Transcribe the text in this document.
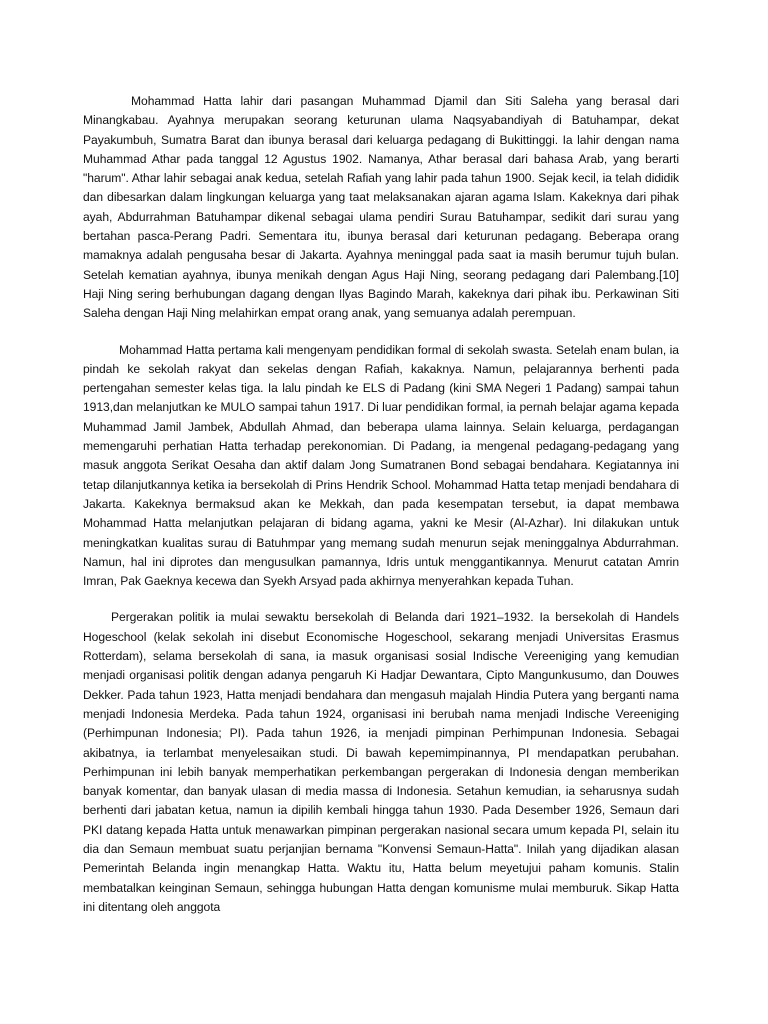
Mohammad Hatta lahir dari pasangan Muhammad Djamil dan Siti Saleha yang berasal dari Minangkabau. Ayahnya merupakan seorang keturunan ulama Naqsyabandiyah di Batuhampar, dekat Payakumbuh, Sumatra Barat dan ibunya berasal dari keluarga pedagang di Bukittinggi. Ia lahir dengan nama Muhammad Athar pada tanggal 12 Agustus 1902. Namanya, Athar berasal dari bahasa Arab, yang berarti "harum". Athar lahir sebagai anak kedua, setelah Rafiah yang lahir pada tahun 1900. Sejak kecil, ia telah dididik dan dibesarkan dalam lingkungan keluarga yang taat melaksanakan ajaran agama Islam. Kakeknya dari pihak ayah, Abdurrahman Batuhampar dikenal sebagai ulama pendiri Surau Batuhampar, sedikit dari surau yang bertahan pasca-Perang Padri. Sementara itu, ibunya berasal dari keturunan pedagang. Beberapa orang mamaknya adalah pengusaha besar di Jakarta. Ayahnya meninggal pada saat ia masih berumur tujuh bulan. Setelah kematian ayahnya, ibunya menikah dengan Agus Haji Ning, seorang pedagang dari Palembang.[10] Haji Ning sering berhubungan dagang dengan Ilyas Bagindo Marah, kakeknya dari pihak ibu. Perkawinan Siti Saleha dengan Haji Ning melahirkan empat orang anak, yang semuanya adalah perempuan.

Mohammad Hatta pertama kali mengenyam pendidikan formal di sekolah swasta. Setelah enam bulan, ia pindah ke sekolah rakyat dan sekelas dengan Rafiah, kakaknya. Namun, pelajarannya berhenti pada pertengahan semester kelas tiga. Ia lalu pindah ke ELS di Padang (kini SMA Negeri 1 Padang) sampai tahun 1913,dan melanjutkan ke MULO sampai tahun 1917. Di luar pendidikan formal, ia pernah belajar agama kepada Muhammad Jamil Jambek, Abdullah Ahmad, dan beberapa ulama lainnya. Selain keluarga, perdagangan memengaruhi perhatian Hatta terhadap perekonomian. Di Padang, ia mengenal pedagang-pedagang yang masuk anggota Serikat Oesaha dan aktif dalam Jong Sumatranen Bond sebagai bendahara. Kegiatannya ini tetap dilanjutkannya ketika ia bersekolah di Prins Hendrik School. Mohammad Hatta tetap menjadi bendahara di Jakarta. Kakeknya bermaksud akan ke Mekkah, dan pada kesempatan tersebut, ia dapat membawa Mohammad Hatta melanjutkan pelajaran di bidang agama, yakni ke Mesir (Al-Azhar). Ini dilakukan untuk meningkatkan kualitas surau di Batuhmpar yang memang sudah menurun sejak meninggalnya Abdurrahman. Namun, hal ini diprotes dan mengusulkan pamannya, Idris untuk menggantikannya. Menurut catatan Amrin Imran, Pak Gaeknya kecewa dan Syekh Arsyad pada akhirnya menyerahkan kepada Tuhan.

Pergerakan politik ia mulai sewaktu bersekolah di Belanda dari 1921–1932. Ia bersekolah di Handels Hogeschool (kelak sekolah ini disebut Economische Hogeschool, sekarang menjadi Universitas Erasmus Rotterdam), selama bersekolah di sana, ia masuk organisasi sosial Indische Vereeniging yang kemudian menjadi organisasi politik dengan adanya pengaruh Ki Hadjar Dewantara, Cipto Mangunkusumo, dan Douwes Dekker. Pada tahun 1923, Hatta menjadi bendahara dan mengasuh majalah Hindia Putera yang berganti nama menjadi Indonesia Merdeka. Pada tahun 1924, organisasi ini berubah nama menjadi Indische Vereeniging (Perhimpunan Indonesia; PI). Pada tahun 1926, ia menjadi pimpinan Perhimpunan Indonesia. Sebagai akibatnya, ia terlambat menyelesaikan studi. Di bawah kepemimpinannya, PI mendapatkan perubahan. Perhimpunan ini lebih banyak memperhatikan perkembangan pergerakan di Indonesia dengan memberikan banyak komentar, dan banyak ulasan di media massa di Indonesia. Setahun kemudian, ia seharusnya sudah berhenti dari jabatan ketua, namun ia dipilih kembali hingga tahun 1930. Pada Desember 1926, Semaun dari PKI datang kepada Hatta untuk menawarkan pimpinan pergerakan nasional secara umum kepada PI, selain itu dia dan Semaun membuat suatu perjanjian bernama "Konvensi Semaun-Hatta". Inilah yang dijadikan alasan Pemerintah Belanda ingin menangkap Hatta. Waktu itu, Hatta belum meyetujui paham komunis. Stalin membatalkan keinginan Semaun, sehingga hubungan Hatta dengan komunisme mulai memburuk. Sikap Hatta ini ditentang oleh anggota
